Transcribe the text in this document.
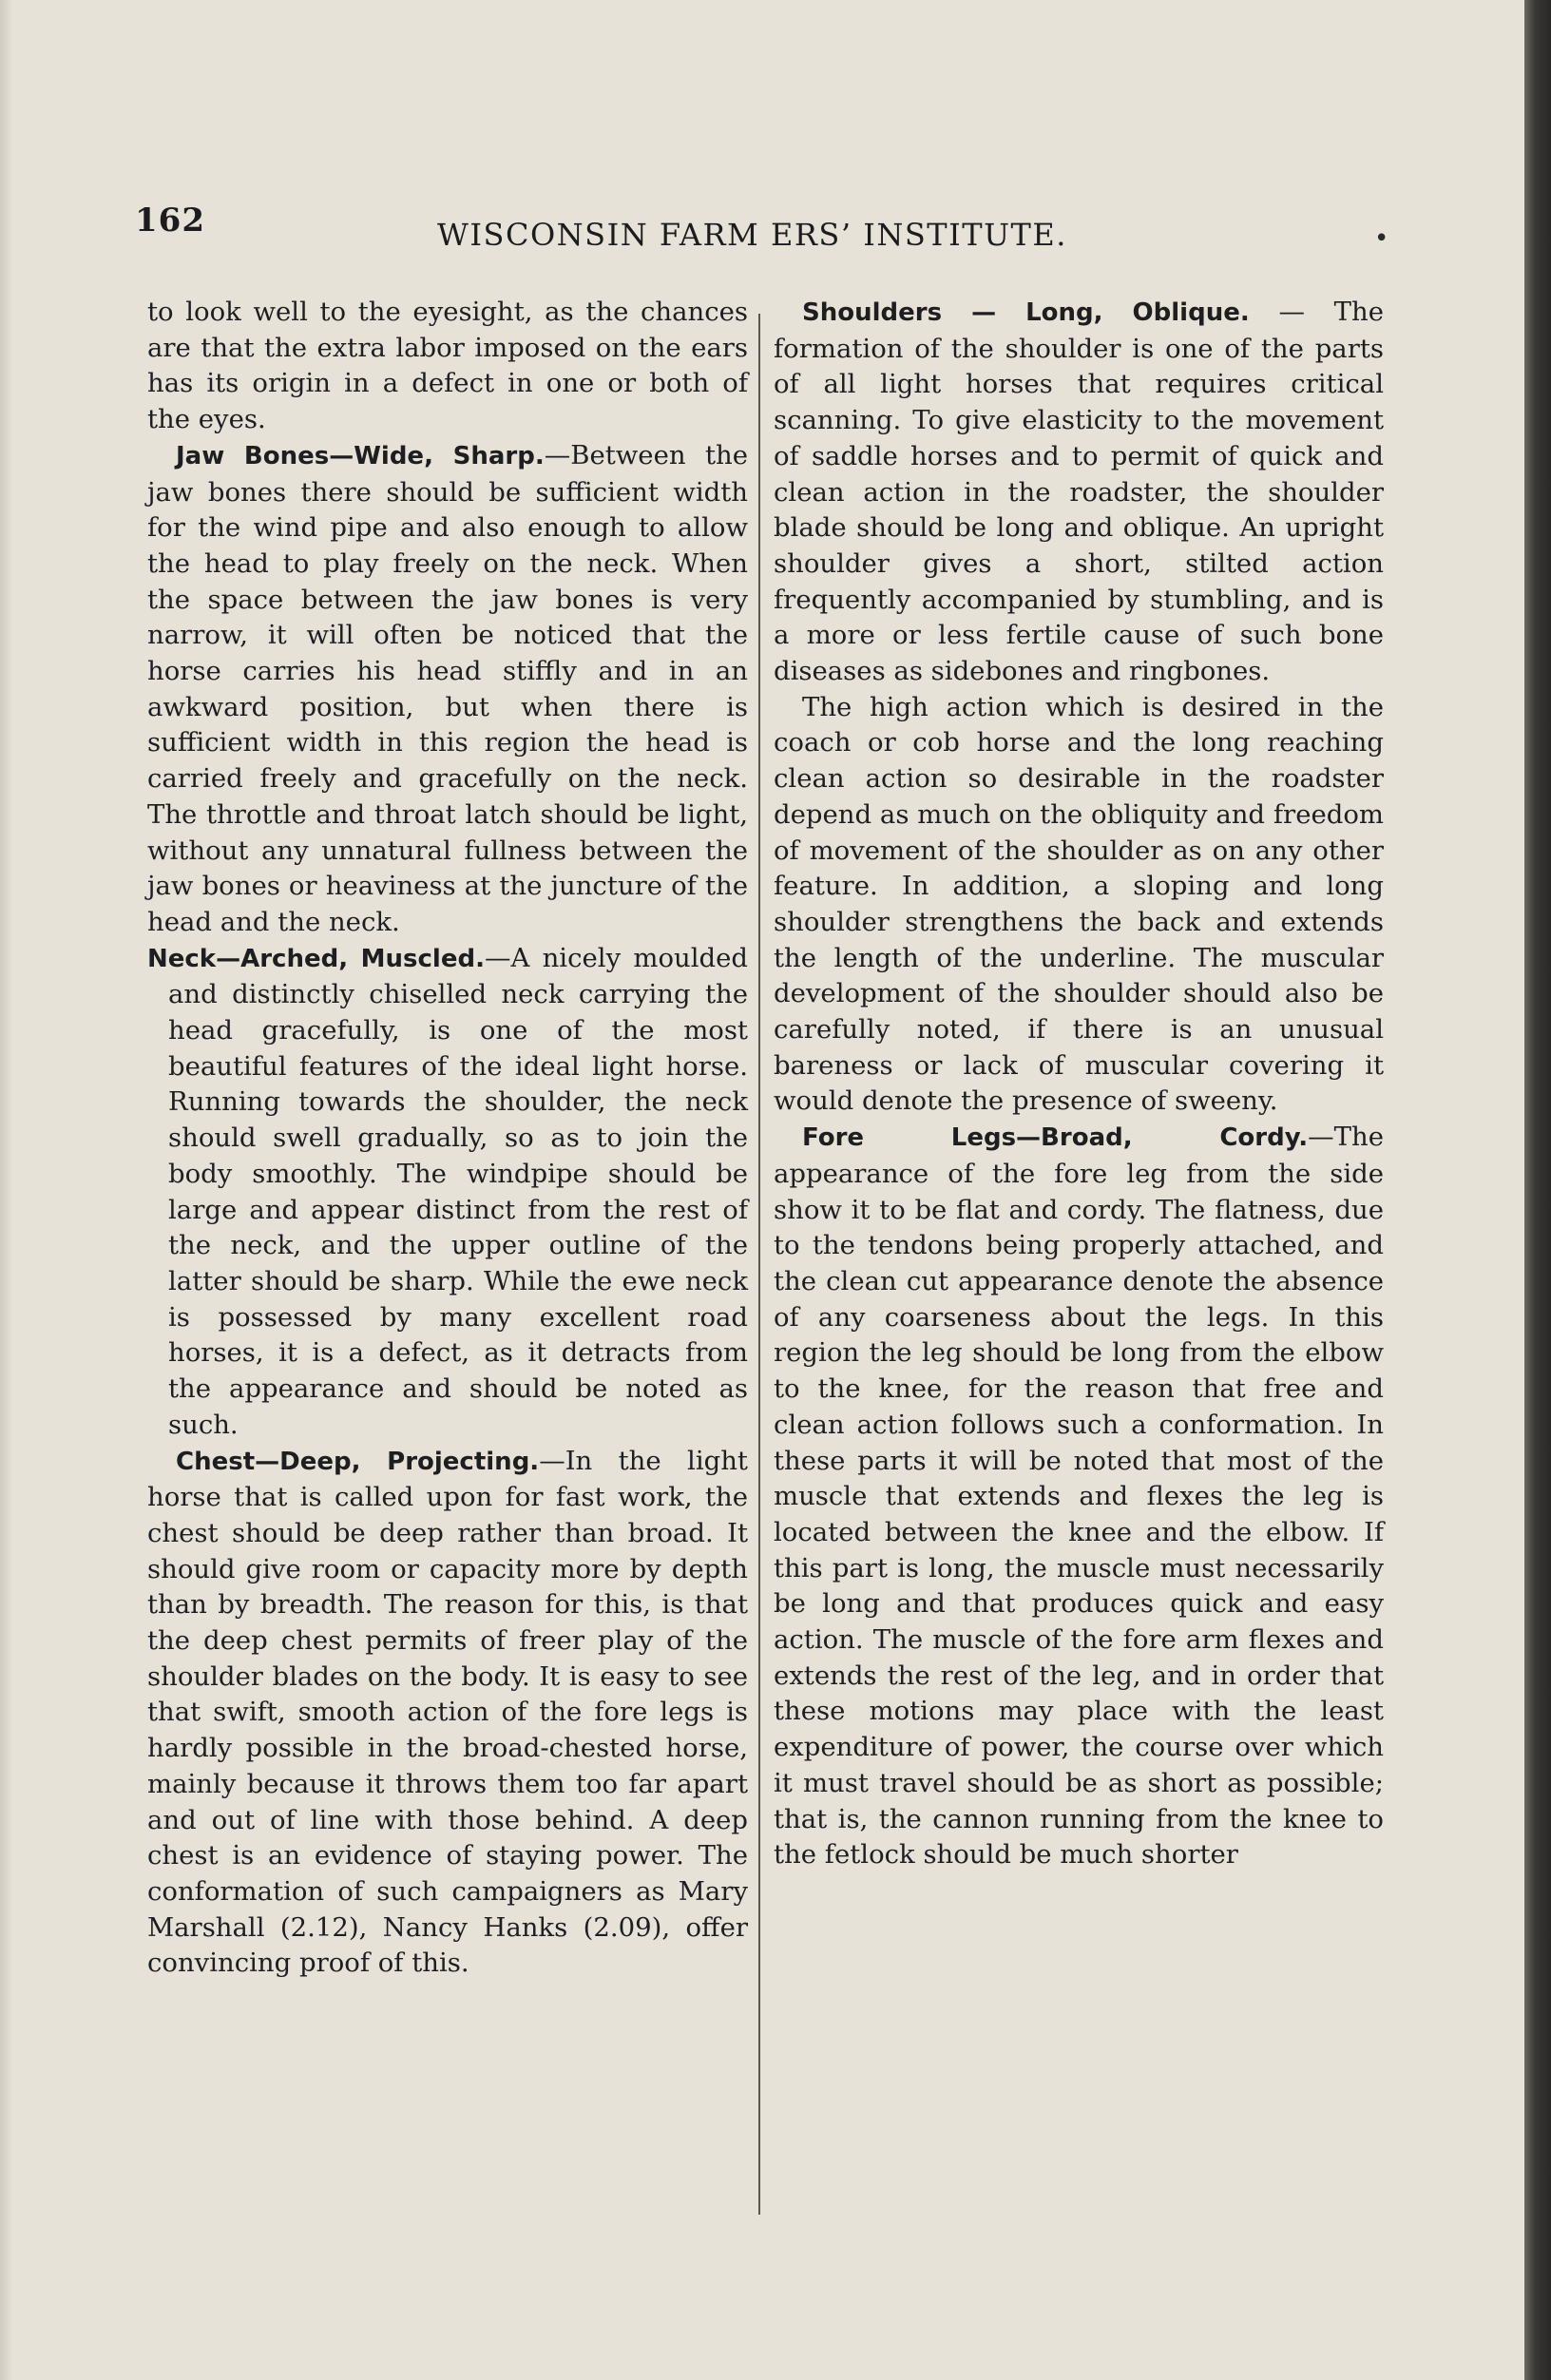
162	WISCONSIN FARM ERS’ INSTITUTE.	•

to look well to the eyesight, as the chances are that the extra labor imposed on the ears has its origin in a defect in one or both of the eyes.

Jaw Bones—Wide, Sharp.—Between the jaw bones there should be sufficient width for the wind pipe and also enough to allow the head to play freely on the neck. When the space between the jaw bones is very narrow, it will often be noticed that the horse carries his head stiffly and in an awkward position, but when there is sufficient width in this region the head is carried freely and gracefully on the neck. The throttle and throat latch should be light, without any unnatural fullness between the jaw bones or heaviness at the juncture of the head and the neck.

Neck—Arched, Muscled.—A nicely moulded and distinctly chiselled neck carrying the head gracefully, is one of the most beautiful features of the ideal light horse. Running towards the shoulder, the neck should swell gradually, so as to join the body smoothly. The windpipe should be large and appear distinct from the rest of the neck, and the upper outline of the latter should be sharp. While the ewe neck is possessed by many excellent road horses, it is a defect, as it detracts from the appearance and should be noted as such.

Chest—Deep, Projecting.—In the light horse that is called upon for fast work, the chest should be deep rather than broad. It should give room or capacity more by depth than by breadth. The reason for this, is that the deep chest permits of freer play of the shoulder blades on the body. It is easy to see that swift, smooth action of the fore legs is hardly possible in the broad-chested horse, mainly because it throws them too far apart and out of line with those behind. A deep chest is an evidence of staying power. The conformation of such campaigners as Mary Marshall (2.12), Nancy Hanks (2.09), offer convincing proof of this.

Shoulders — Long, Oblique. — The formation of the shoulder is one of the parts of all light horses that requires critical scanning. To give elasticity to the movement of saddle horses and to permit of quick and clean action in the roadster, the shoulder blade should be long and oblique. An upright shoulder gives a short, stilted action frequently accompanied by stumbling, and is a more or less fertile cause of such bone diseases as sidebones and ringbones.

The high action which is desired in the coach or cob horse and the long reaching clean action so desirable in the roadster depend as much on the obliquity and freedom of movement of the shoulder as on any other feature. In addition, a sloping and long shoulder strengthens the back and extends the length of the underline. The muscular development of the shoulder should also be carefully noted, if there is an unusual bareness or lack of muscular covering it would denote the presence of sweeny.

Fore Legs—Broad, Cordy.—The appearance of the fore leg from the side show it to be flat and cordy. The flatness, due to the tendons being properly attached, and the clean cut appearance denote the absence of any coarseness about the legs. In this region the leg should be long from the elbow to the knee, for the reason that free and clean action follows such a conformation. In these parts it will be noted that most of the muscle that extends and flexes the leg is located between the knee and the elbow. If this part is long, the muscle must necessarily be long and that produces quick and easy action. The muscle of the fore arm flexes and extends the rest of the leg, and in order that these motions may place with the least expenditure of power, the course over which it must travel should be as short as possible; that is, the cannon running from the knee to the fetlock should be much shorter
